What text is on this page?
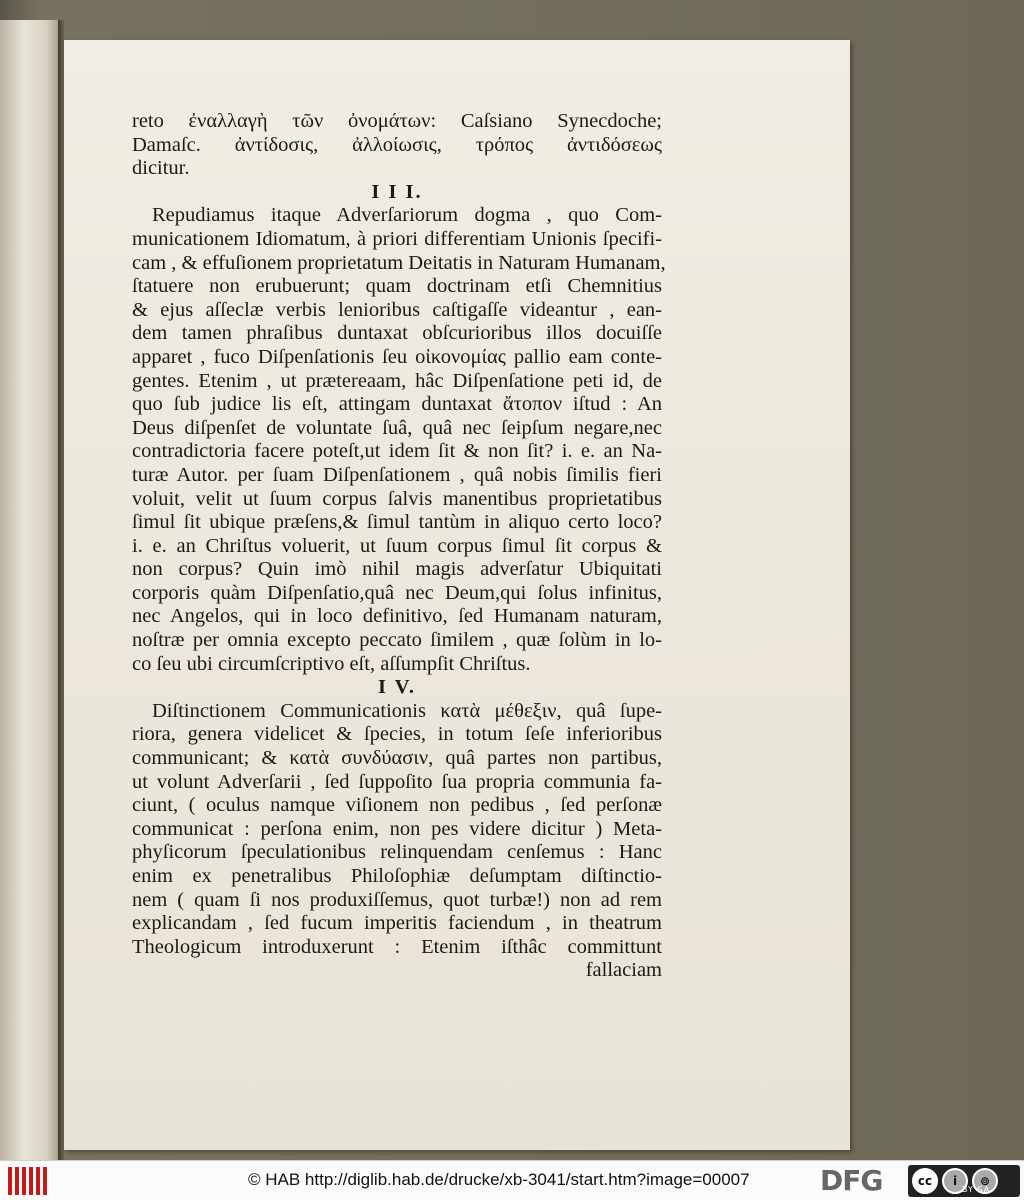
reto ἐναλλαγὴ τῶν ὀνομάτων: Caſsiano Synecdoche;
Damaſc. ἀντίδοσις, ἀλλοίωσις, τρόπος ἀντιδόσεως
dicitur.
I I I.
Repudiamus itaque Adverſariorum dogma , quo Com-
municationem Idiomatum, à priori differentiam Unionis ſpecifi-
cam , & effuſionem proprietatum Deitatis in Naturam Humanam,
ſtatuere non erubuerunt; quam doctrinam etſi Chemnitius
& ejus aſſeclæ verbis lenioribus caſtigaſſe videantur , ean-
dem tamen phraſibus duntaxat obſcurioribus illos docuiſſe
apparet , fuco Diſpenſationis ſeu οἰκονομίας pallio eam conte-
gentes. Etenim , ut prætereaam, hâc Diſpenſatione peti id, de
quo ſub judice lis eſt, attingam duntaxat ἄτοπον iſtud : An
Deus diſpenſet de voluntate ſuâ, quâ nec ſeipſum negare,nec
contradictoria facere poteſt,ut idem ſit & non ſit? i. e. an Na-
turæ Autor. per ſuam Diſpenſationem , quâ nobis ſimilis fieri
voluit, velit ut ſuum corpus ſalvis manentibus proprietatibus
ſimul ſit ubique præſens,& ſimul tantùm in aliquo certo loco?
i. e. an Chriſtus voluerit, ut ſuum corpus ſimul ſit corpus &
non corpus? Quin imò nihil magis adverſatur Ubiquitati
corporis quàm Diſpenſatio,quâ nec Deum,qui ſolus infinitus,
nec Angelos, qui in loco definitivo, ſed Humanam naturam,
noſtræ per omnia excepto peccato ſimilem , quæ ſolùm in lo-
co ſeu ubi circumſcriptivo eſt, aſſumpſit Chriſtus.
I V.
Diſtinctionem Communicationis κατὰ μέθεξιν, quâ ſupe-
riora, genera videlicet & ſpecies, in totum ſeſe inferioribus
communicant; & κατὰ συνδύασιν, quâ partes non partibus,
ut volunt Adverſarii , ſed ſuppoſito ſua propria communia fa-
ciunt, ( oculus namque viſionem non pedibus , ſed perſonæ
communicat : perſona enim, non pes videre dicitur ) Meta-
phyſicorum ſpeculationibus relinquendam cenſemus : Hanc
enim ex penetralibus Philoſophiæ deſumptam diſtinctio-
nem ( quam ſi nos produxiſſemus, quot turbæ!) non ad rem
explicandam , ſed fucum imperitis faciendum , in theatrum
Theologicum introduxerunt : Etenim iſthâc committunt
fallaciam
© HAB http://diglib.hab.de/drucke/xb-3041/start.htm?image=00007	DFG	cc	i	⊚
BY SA
